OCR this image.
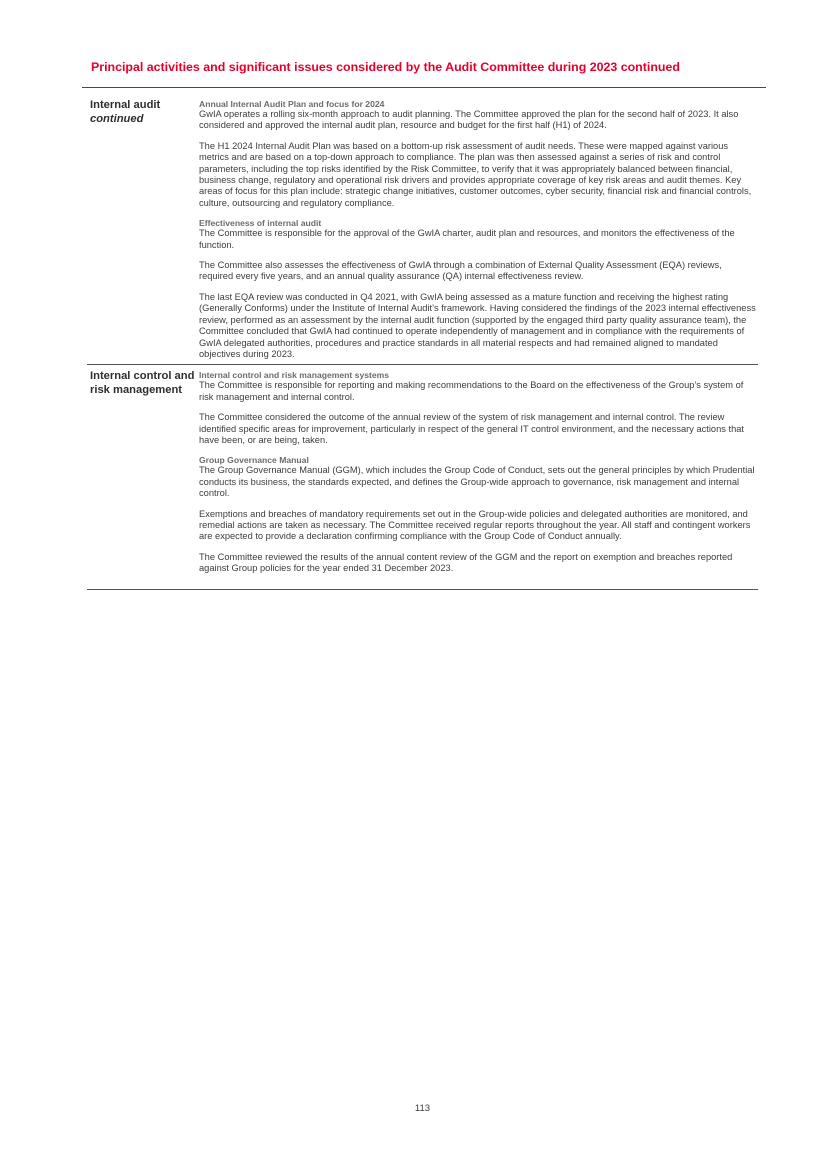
Principal activities and significant issues considered by the Audit Committee during 2023 continued
Internal audit
continued

Annual Internal Audit Plan and focus for 2024

GwIA operates a rolling six-month approach to audit planning. The Committee approved the plan for the second half of 2023. It also considered and approved the internal audit plan, resource and budget for the first half (H1) of 2024.

The H1 2024 Internal Audit Plan was based on a bottom-up risk assessment of audit needs. These were mapped against various metrics and are based on a top-down approach to compliance. The plan was then assessed against a series of risk and control parameters, including the top risks identified by the Risk Committee, to verify that it was appropriately balanced between financial, business change, regulatory and operational risk drivers and provides appropriate coverage of key risk areas and audit themes. Key areas of focus for this plan include: strategic change initiatives, customer outcomes, cyber security, financial risk and financial controls, culture, outsourcing and regulatory compliance.

Effectiveness of internal audit

The Committee is responsible for the approval of the GwIA charter, audit plan and resources, and monitors the effectiveness of the function.

The Committee also assesses the effectiveness of GwIA through a combination of External Quality Assessment (EQA) reviews, required every five years, and an annual quality assurance (QA) internal effectiveness review.

The last EQA review was conducted in Q4 2021, with GwIA being assessed as a mature function and receiving the highest rating (Generally Conforms) under the Institute of Internal Audit’s framework. Having considered the findings of the 2023 internal effectiveness review, performed as an assessment by the internal audit function (supported by the engaged third party quality assurance team), the Committee concluded that GwIA had continued to operate independently of management and in compliance with the requirements of GwIA delegated authorities, procedures and practice standards in all material respects and had remained aligned to mandated objectives during 2023.

Internal control and risk management

Internal control and risk management systems

The Committee is responsible for reporting and making recommendations to the Board on the effectiveness of the Group’s system of risk management and internal control.

The Committee considered the outcome of the annual review of the system of risk management and internal control. The review identified specific areas for improvement, particularly in respect of the general IT control environment, and the necessary actions that have been, or are being, taken.

Group Governance Manual

The Group Governance Manual (GGM), which includes the Group Code of Conduct, sets out the general principles by which Prudential conducts its business, the standards expected, and defines the Group-wide approach to governance, risk management and internal control.

Exemptions and breaches of mandatory requirements set out in the Group-wide policies and delegated authorities are monitored, and remedial actions are taken as necessary. The Committee received regular reports throughout the year. All staff and contingent workers are expected to provide a declaration confirming compliance with the Group Code of Conduct annually.

The Committee reviewed the results of the annual content review of the GGM and the report on exemption and breaches reported against Group policies for the year ended 31 December 2023.

113
